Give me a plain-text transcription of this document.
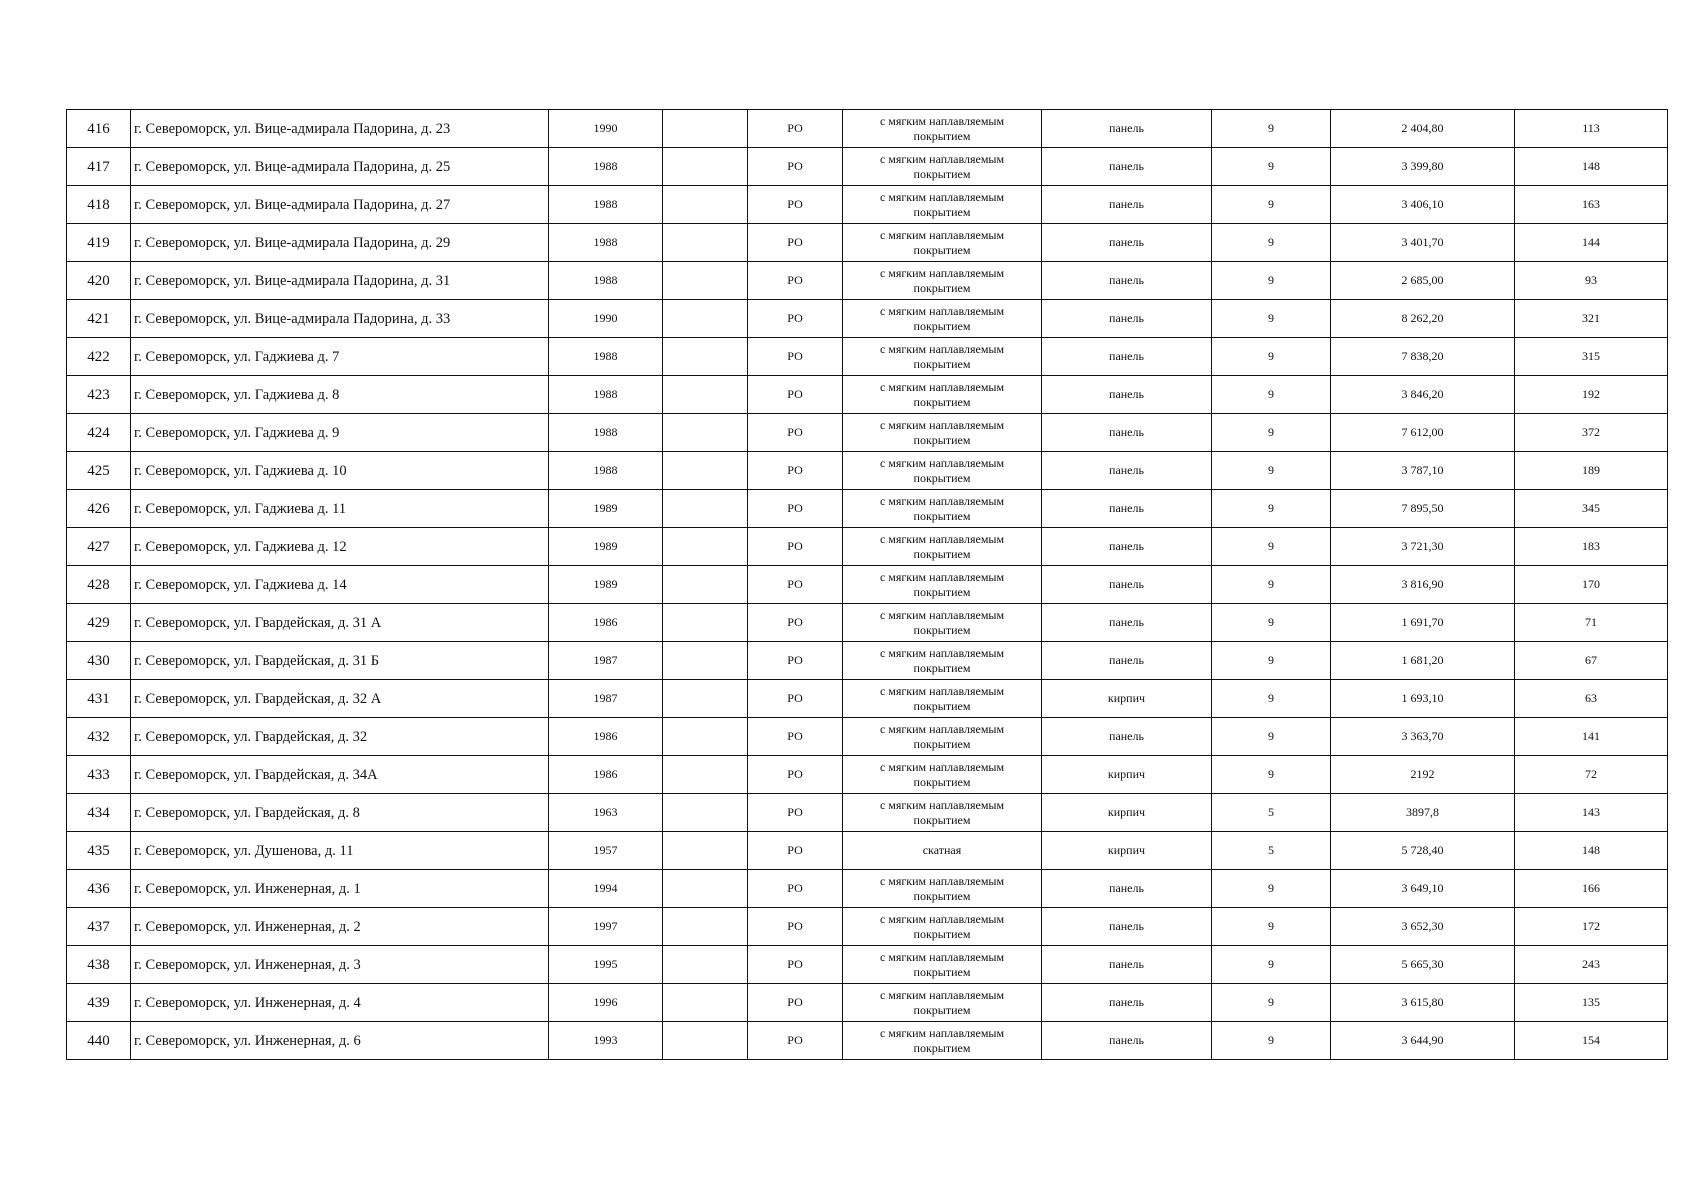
416	г. Североморск, ул. Вице-адмирала Падорина, д. 23	1990		РО	с мягким наплавляемым
покрытием	панель	9	2 404,80	113
417	г. Североморск, ул. Вице-адмирала Падорина, д. 25	1988		РО	с мягким наплавляемым
покрытием	панель	9	3 399,80	148
418	г. Североморск, ул. Вице-адмирала Падорина, д. 27	1988		РО	с мягким наплавляемым
покрытием	панель	9	3 406,10	163
419	г. Североморск, ул. Вице-адмирала Падорина, д. 29	1988		РО	с мягким наплавляемым
покрытием	панель	9	3 401,70	144
420	г. Североморск, ул. Вице-адмирала Падорина, д. 31	1988		РО	с мягким наплавляемым
покрытием	панель	9	2 685,00	93
421	г. Североморск, ул. Вице-адмирала Падорина, д. 33	1990		РО	с мягким наплавляемым
покрытием	панель	9	8 262,20	321
422	г. Североморск, ул. Гаджиева д. 7	1988		РО	с мягким наплавляемым
покрытием	панель	9	7 838,20	315
423	г. Североморск, ул. Гаджиева д. 8	1988		РО	с мягким наплавляемым
покрытием	панель	9	3 846,20	192
424	г. Североморск, ул. Гаджиева д. 9	1988		РО	с мягким наплавляемым
покрытием	панель	9	7 612,00	372
425	г. Североморск, ул. Гаджиева д. 10	1988		РО	с мягким наплавляемым
покрытием	панель	9	3 787,10	189
426	г. Североморск, ул. Гаджиева д. 11	1989		РО	с мягким наплавляемым
покрытием	панель	9	7 895,50	345
427	г. Североморск, ул. Гаджиева д. 12	1989		РО	с мягким наплавляемым
покрытием	панель	9	3 721,30	183
428	г. Североморск, ул. Гаджиева д. 14	1989		РО	с мягким наплавляемым
покрытием	панель	9	3 816,90	170
429	г. Североморск, ул. Гвардейская, д. 31 А	1986		РО	с мягким наплавляемым
покрытием	панель	9	1 691,70	71
430	г. Североморск, ул. Гвардейская, д. 31 Б	1987		РО	с мягким наплавляемым
покрытием	панель	9	1 681,20	67
431	г. Североморск, ул. Гвардейская, д. 32 А	1987		РО	с мягким наплавляемым
покрытием	кирпич	9	1 693,10	63
432	г. Североморск, ул. Гвардейская, д. 32	1986		РО	с мягким наплавляемым
покрытием	панель	9	3 363,70	141
433	г. Североморск, ул. Гвардейская, д. 34А	1986		РО	с мягким наплавляемым
покрытием	кирпич	9	2192	72
434	г. Североморск, ул. Гвардейская, д. 8	1963		РО	с мягким наплавляемым
покрытием	кирпич	5	3897,8	143
435	г. Североморск, ул. Душенова, д. 11	1957		РО	скатная	кирпич	5	5 728,40	148
436	г. Североморск, ул. Инженерная, д. 1	1994		РО	с мягким наплавляемым
покрытием	панель	9	3 649,10	166
437	г. Североморск, ул. Инженерная, д. 2	1997		РО	с мягким наплавляемым
покрытием	панель	9	3 652,30	172
438	г. Североморск, ул. Инженерная, д. 3	1995		РО	с мягким наплавляемым
покрытием	панель	9	5 665,30	243
439	г. Североморск, ул. Инженерная, д. 4	1996		РО	с мягким наплавляемым
покрытием	панель	9	3 615,80	135
440	г. Североморск, ул. Инженерная, д. 6	1993		РО	с мягким наплавляемым
покрытием	панель	9	3 644,90	154
